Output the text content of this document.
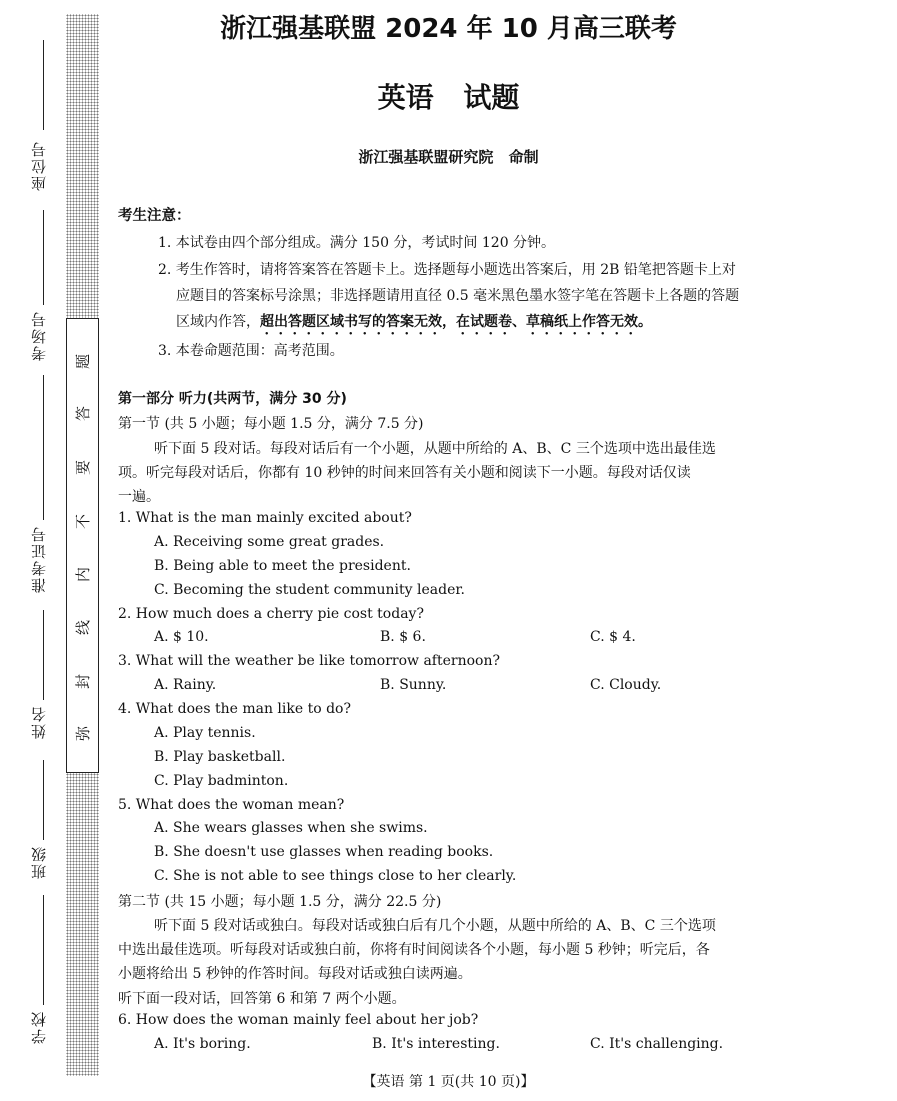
座位号
考场号
准考证号
姓名
班级
学校
题
答
要
不
内
线
封
弥
浙江强基联盟 2024 年 10 月高三联考
英语 试题
浙江强基联盟研究院 命制
考生注意：
1. 本试卷由四个部分组成。满分 150 分，考试时间 120 分钟。
2. 考生作答时，请将答案答在答题卡上。选择题每小题选出答案后，用 2B 铅笔把答题卡上对
应题目的答案标号涂黑；非选择题请用直径 0.5 毫米黑色墨水签字笔在答题卡上各题的答题
区域内作答，超出答题区域书写的答案无效，在试题卷、草稿纸上作答无效。
3. 本卷命题范围：高考范围。
第一部分 听力(共两节，满分 30 分)
第一节 (共 5 小题；每小题 1.5 分，满分 7.5 分)
听下面 5 段对话。每段对话后有一个小题，从题中所给的 A、B、C 三个选项中选出最佳选
项。听完每段对话后，你都有 10 秒钟的时间来回答有关小题和阅读下一小题。每段对话仅读
一遍。
1. What is the man mainly excited about?
A. Receiving some great grades.
B. Being able to meet the president.
C. Becoming the student community leader.
2. How much does a cherry pie cost today?
A. $ 10.	B. $ 6.	C. $ 4.
3. What will the weather be like tomorrow afternoon?
A. Rainy.	B. Sunny.	C. Cloudy.
4. What does the man like to do?
A. Play tennis.
B. Play basketball.
C. Play badminton.
5. What does the woman mean?
A. She wears glasses when she swims.
B. She doesn't use glasses when reading books.
C. She is not able to see things close to her clearly.
第二节 (共 15 小题；每小题 1.5 分，满分 22.5 分)
听下面 5 段对话或独白。每段对话或独白后有几个小题，从题中所给的 A、B、C 三个选项
中选出最佳选项。听每段对话或独白前，你将有时间阅读各个小题，每小题 5 秒钟；听完后，各
小题将给出 5 秒钟的作答时间。每段对话或独白读两遍。
听下面一段对话，回答第 6 和第 7 两个小题。
6. How does the woman mainly feel about her job?
A. It's boring.	B. It's interesting.	C. It's challenging.
【英语 第 1 页(共 10 页)】
